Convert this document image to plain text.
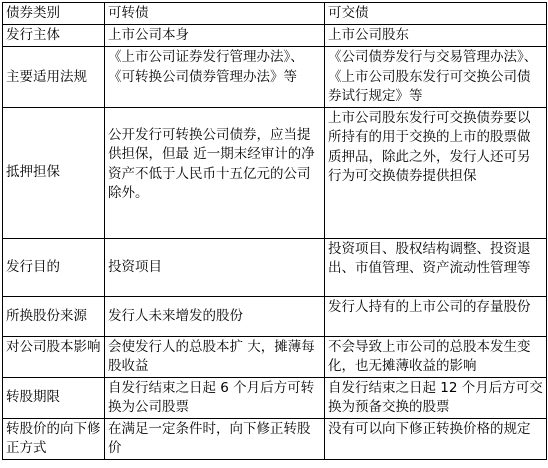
债券类别	可转债	可交债
发行主体	上市公司本身	上市公司股东
主要适用法规	《上市公司证券发行管理办法》、《可转换公司债券管理办法》等	《公司债券发行与交易管理办法》、《上市公司股东发行可交换公司债券试行规定》等
抵押担保	公开发行可转换公司债券，应当提供担保，但最 近一期末经审计的净资产不低于人民币十五亿元的公司除外。	上市公司股东发行可交换债券要以所持有的用于交换的上市的股票做质押品，除此之外，发行人还可另行为可交换债券提供担保
发行目的	投资项目	投资项目、股权结构调整、投资退出、市值管理、资产流动性管理等
所换股份来源	发行人未来增发的股份	发行人持有的上市公司的存量股份
对公司股本影响	会使发行人的总股本扩 大，摊薄每股收益	不会导致上市公司的总股本发生变化，也无摊薄收益的影响
转股期限	自发行结束之日起 6 个月后方可转换为公司股票	自发行结束之日起 12 个月后方可交换为预备交换的股票
转股价的向下修正方式	在满足一定条件时，向下修正转股价	没有可以向下修正转换价格的规定
